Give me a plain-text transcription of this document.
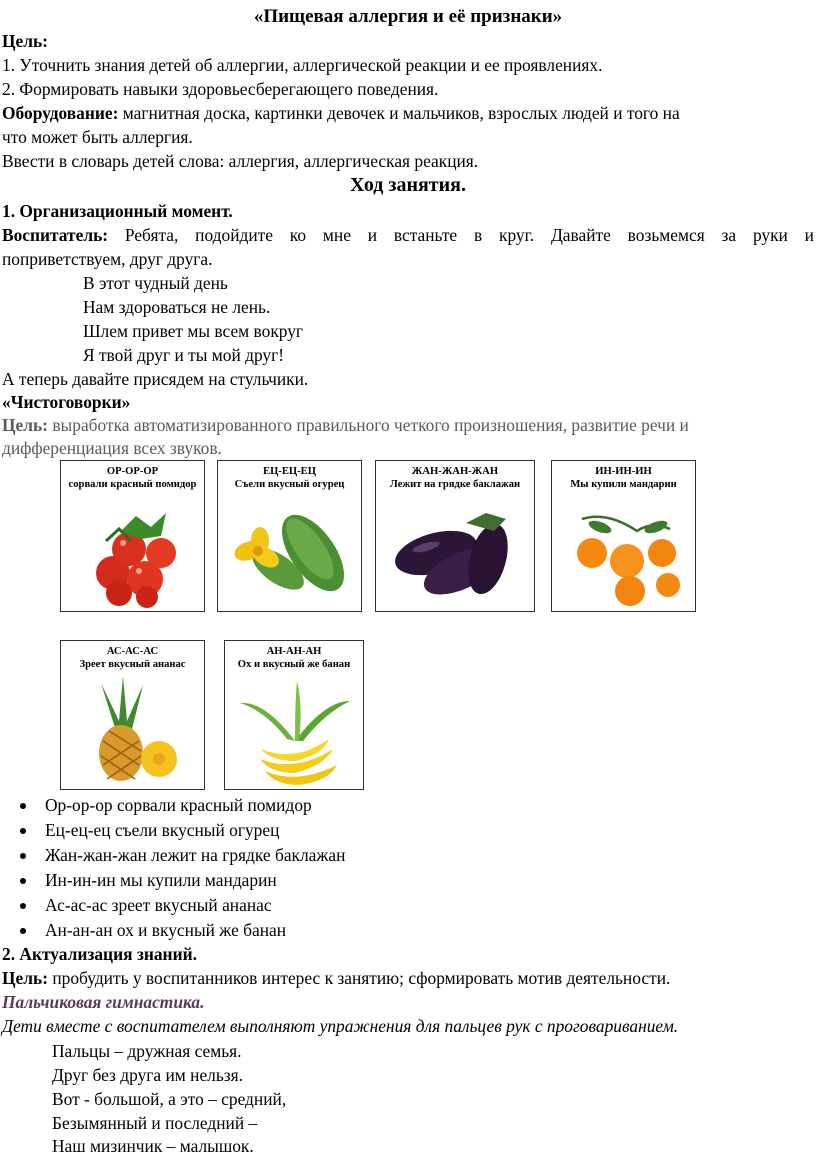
«Пищевая аллергия и её признаки»
Цель:
1. Уточнить знания детей об аллергии, аллергической реакции и ее проявлениях.
2. Формировать навыки здоровьесберегающего поведения.
Оборудование: магнитная доска, картинки девочек и мальчиков, взрослых людей и того на
что может быть аллергия.
Ввести в словарь детей слова: аллергия, аллергическая реакция.
Ход занятия.
1. Организационный момент.
Воспитатель: Ребята, подойдите ко мне и встаньте в круг. Давайте возьмемся за руки и
поприветствуем, друг друга.
В этот чудный день
Нам здороваться не лень.
Шлем привет мы всем вокруг
Я твой друг и ты мой друг!
А теперь давайте присядем на стульчики.
«Чистоговорки»
Цель: выработка автоматизированного правильного четкого произношения, развитие речи и
дифференциация всех звуков.
ОР-ОР-ОР
сорвали красный помидор
ЕЦ-ЕЦ-ЕЦ
Съели вкусный огурец
ЖАН-ЖАН-ЖАН
Лежит на грядке баклажан
ИН-ИН-ИН
Мы купили мандарин
АС-АС-АС
Зреет вкусный ананас
АН-АН-АН
Ох и вкусный же банан
Ор-ор-ор сорвали красный помидор
Ец-ец-ец съели вкусный огурец
Жан-жан-жан лежит на грядке баклажан
Ин-ин-ин мы купили мандарин
Ас-ас-ас зреет вкусный ананас
Ан-ан-ан ох и вкусный же банан
2. Актуализация знаний.
Цель: пробудить у воспитанников интерес к занятию; сформировать мотив деятельности.
Пальчиковая гимнастика.
Дети вместе с воспитателем выполняют упражнения для пальцев рук с проговариванием.
Пальцы – дружная семья.
Друг без друга им нельзя.
Вот - большой, а это – средний,
Безымянный и последний –
Наш мизинчик – малышок.
